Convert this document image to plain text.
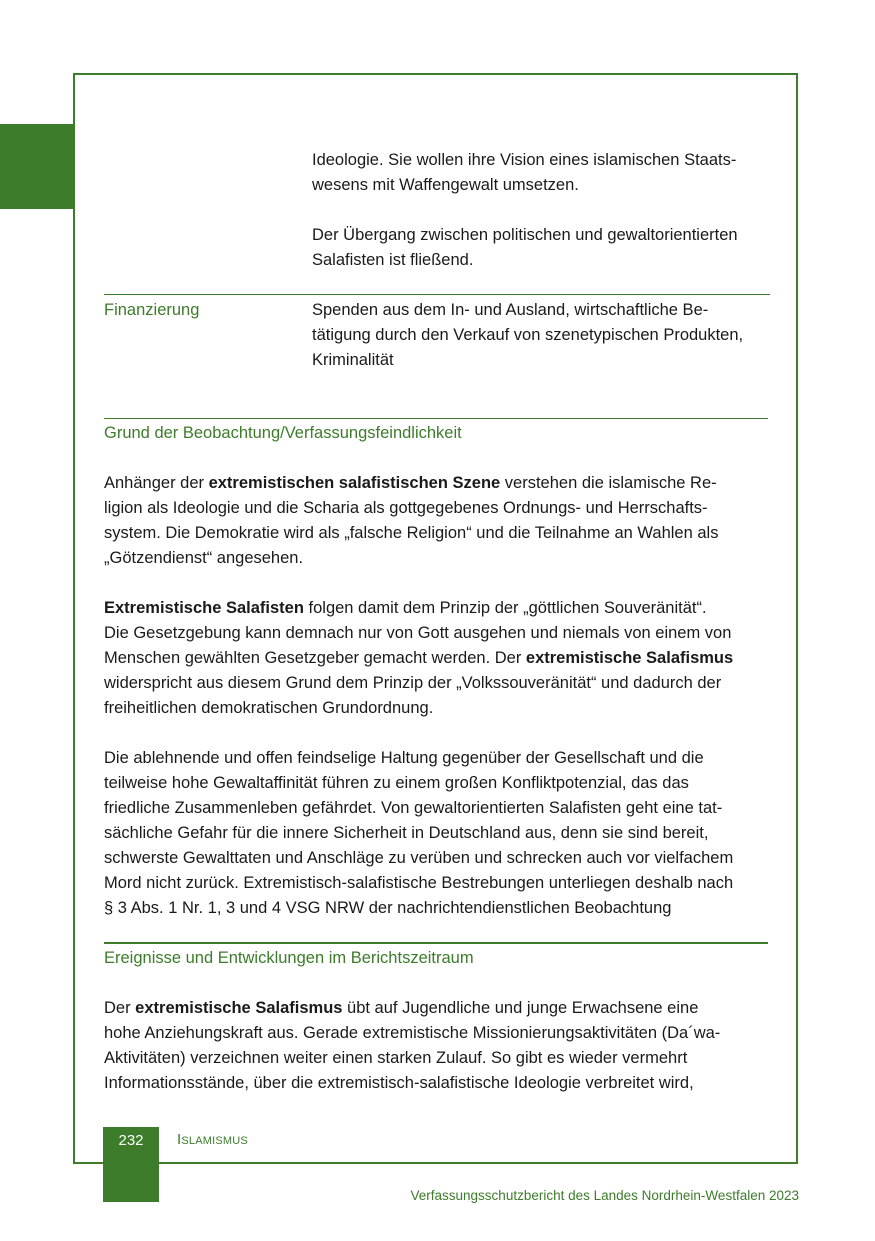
Ideologie. Sie wollen ihre Vision eines islamischen Staats-

wesens mit Waffengewalt umsetzen.

Der Übergang zwischen politischen und gewaltorientierten

Salafisten ist fließend.

Finanzierung	Spenden aus dem In- und Ausland, wirtschaftliche Be-

tätigung durch den Verkauf von szenetypischen Produkten,

Kriminalität

Grund der Beobachtung/Verfassungsfeindlichkeit

Anhänger der extremistischen salafistischen Szene verstehen die islamische Re-

ligion als Ideologie und die Scharia als gottgegebenes Ordnungs- und Herrschafts-

system. Die Demokratie wird als „falsche Religion“ und die Teilnahme an Wahlen als

„Götzendienst“ angesehen.

Extremistische Salafisten folgen damit dem Prinzip der „göttlichen Souveränität“.

Die Gesetzgebung kann demnach nur von Gott ausgehen und niemals von einem von

Menschen gewählten Gesetzgeber gemacht werden. Der extremistische Salafismus

widerspricht aus diesem Grund dem Prinzip der „Volkssouveränität“ und dadurch der

freiheitlichen demokratischen Grundordnung.

Die ablehnende und offen feindselige Haltung gegenüber der Gesellschaft und die

teilweise hohe Gewaltaffinität führen zu einem großen Konfliktpotenzial, das das

friedliche Zusammenleben gefährdet. Von gewaltorientierten Salafisten geht eine tat-

sächliche Gefahr für die innere Sicherheit in Deutschland aus, denn sie sind bereit,

schwerste Gewalttaten und Anschläge zu verüben und schrecken auch vor vielfachem

Mord nicht zurück. Extremistisch-salafistische Bestrebungen unterliegen deshalb nach

§ 3 Abs. 1 Nr. 1, 3 und 4 VSG NRW der nachrichtendienstlichen Beobachtung

Ereignisse und Entwicklungen im Berichtszeitraum

Der extremistische Salafismus übt auf Jugendliche und junge Erwachsene eine

hohe Anziehungskraft aus. Gerade extremistische Missionierungsaktivitäten (Da´wa-

Aktivitäten) verzeichnen weiter einen starken Zulauf. So gibt es wieder vermehrt

Informationsstände, über die extremistisch-salafistische Ideologie verbreitet wird,

232	Islamismus
Verfassungsschutzbericht des Landes Nordrhein-Westfalen 2023
